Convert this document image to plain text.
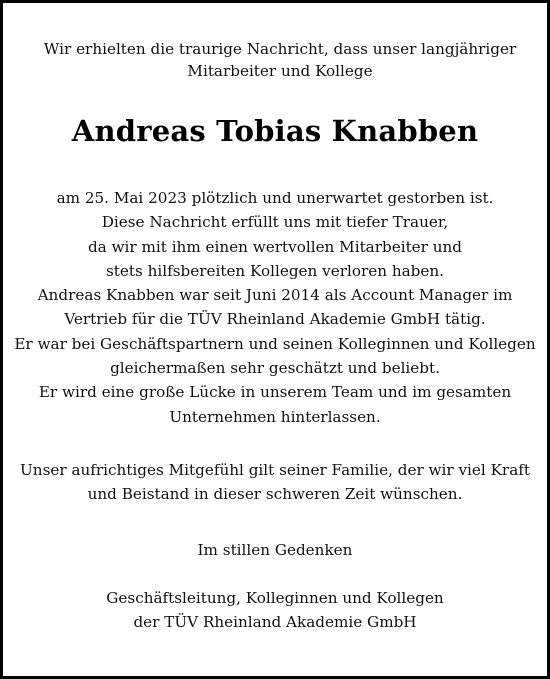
Wir erhielten die traurige Nachricht, dass unser langjähriger
Mitarbeiter und Kollege
Andreas Tobias Knabben
am 25. Mai 2023 plötzlich und unerwartet gestorben ist.
Diese Nachricht erfüllt uns mit tiefer Trauer,
da wir mit ihm einen wertvollen Mitarbeiter und
stets hilfsbereiten Kollegen verloren haben.
Andreas Knabben war seit Juni 2014 als Account Manager im
Vertrieb für die TÜV Rheinland Akademie GmbH tätig.
Er war bei Geschäftspartnern und seinen Kolleginnen und Kollegen
gleichermaßen sehr geschätzt und beliebt.
Er wird eine große Lücke in unserem Team und im gesamten
Unternehmen hinterlassen.
Unser aufrichtiges Mitgefühl gilt seiner Familie, der wir viel Kraft
und Beistand in dieser schweren Zeit wünschen.
Im stillen Gedenken
Geschäftsleitung, Kolleginnen und Kollegen
der TÜV Rheinland Akademie GmbH
